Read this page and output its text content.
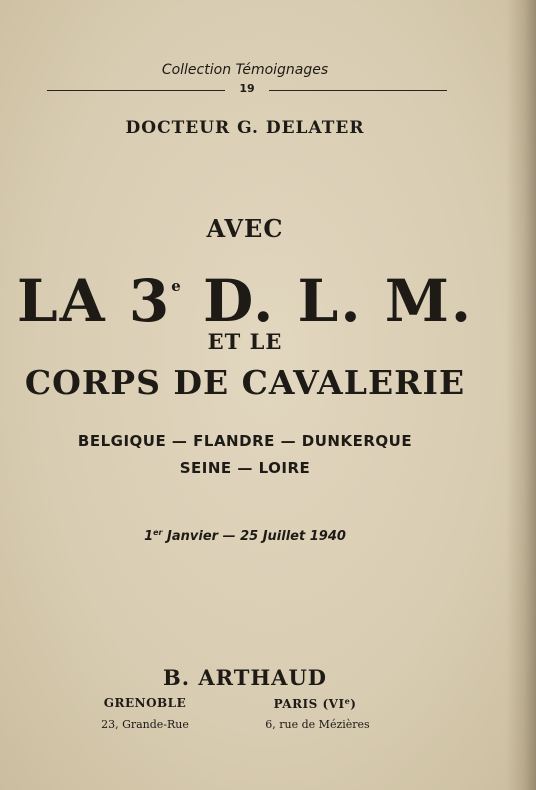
Collection Témoignages
19
DOCTEUR G. DELATER
AVEC
LA 3e D. L. M.
ET LE
CORPS DE CAVALERIE
BELGIQUE — FLANDRE — DUNKERQUE
SEINE — LOIRE
1er Janvier — 25 Juillet 1940
B. ARTHAUD
GRENOBLE
23, Grande-Rue
PARIS (VIe)
6, rue de Mézières
